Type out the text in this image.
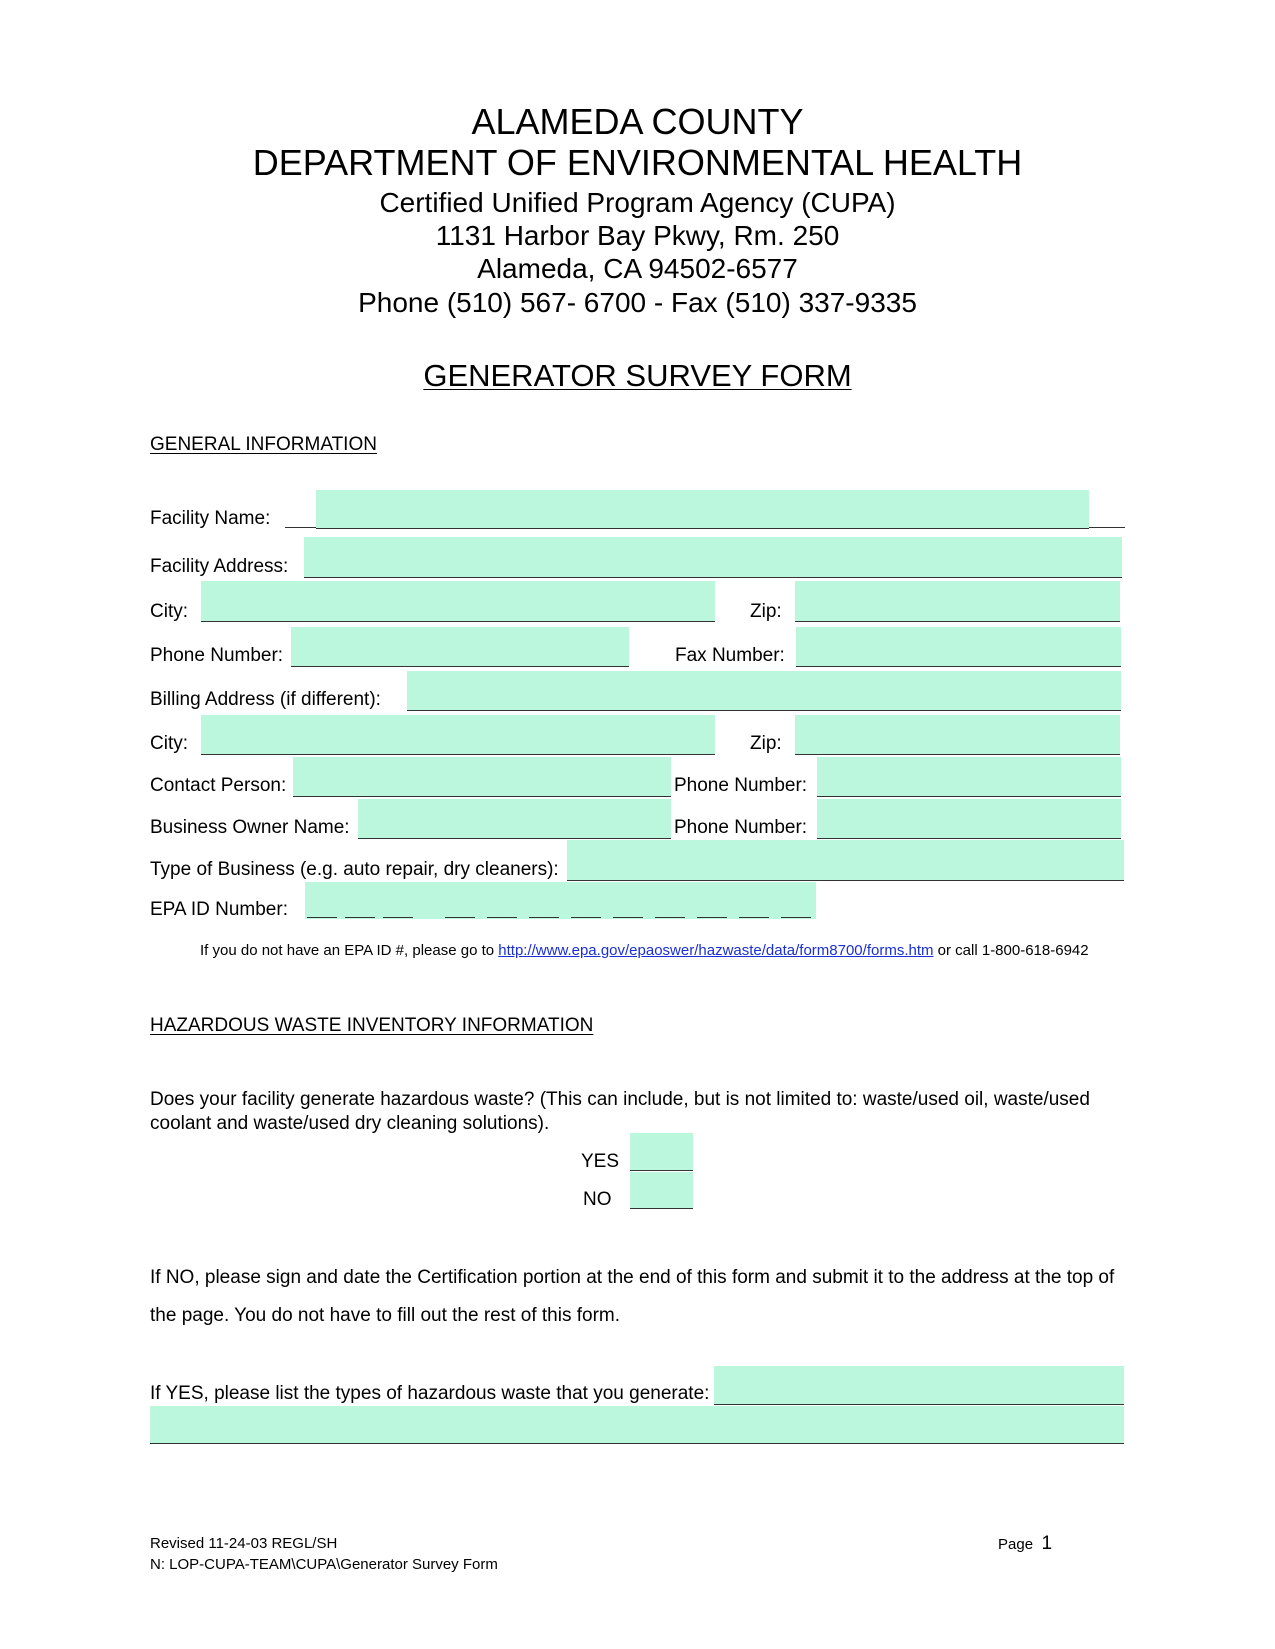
ALAMEDA COUNTY
DEPARTMENT OF ENVIRONMENTAL HEALTH
Certified Unified Program Agency (CUPA)
1131 Harbor Bay Pkwy, Rm. 250
Alameda, CA 94502-6577
Phone (510) 567- 6700 - Fax (510) 337-9335
GENERATOR SURVEY FORM
GENERAL INFORMATION
Facility Name:
Facility Address:
City:	Zip:
Phone Number:	Fax Number:
Billing Address (if different):
City:	Zip:
Contact Person:	Phone Number:
Business Owner Name:	Phone Number:
Type of Business (e.g. auto repair, dry cleaners):
EPA ID Number:
If you do not have an EPA ID #, please go to http://www.epa.gov/epaoswer/hazwaste/data/form8700/forms.htm or call 1-800-618-6942
HAZARDOUS WASTE INVENTORY INFORMATION
Does your facility generate hazardous waste? (This can include, but is not limited to: waste/used oil, waste/used coolant and waste/used dry cleaning solutions).
YES
NO
If NO, please sign and date the Certification portion at the end of this form and submit it to the address at the top of
the page. You do not have to fill out the rest of this form.
If YES, please list the types of hazardous waste that you generate:
Revised 11-24-03 REGL/SH
N: LOP-CUPA-TEAM\CUPA\Generator Survey Form
Page 1
